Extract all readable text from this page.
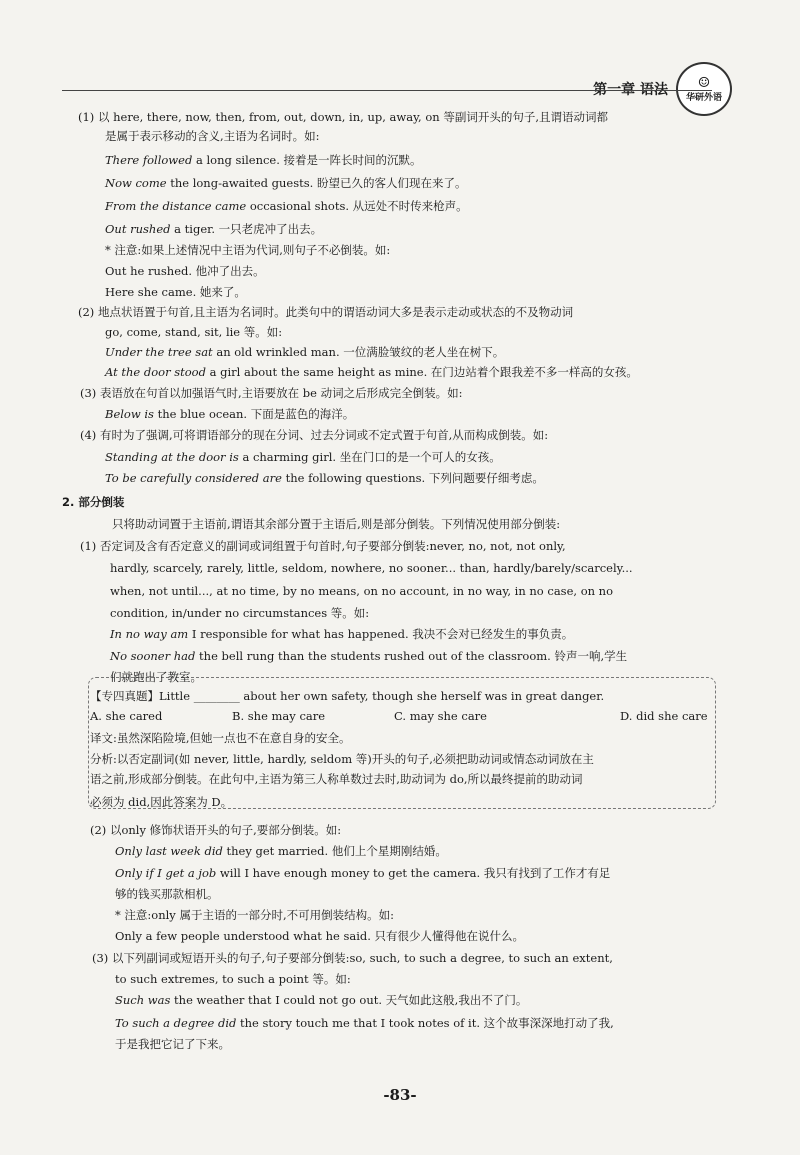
第一章 语法 ☺
华研外语
(1) 以 here, there, now, then, from, out, down, in, up, away, on 等副词开头的句子,且谓语动词都
是属于表示移动的含义,主语为名词时。如:
There followed a long silence. 接着是一阵长时间的沉默。
Now come the long-awaited guests. 盼望已久的客人们现在来了。
From the distance came occasional shots. 从远处不时传来枪声。
Out rushed a tiger. 一只老虎冲了出去。
* 注意:如果上述情况中主语为代词,则句子不必倒装。如:
Out he rushed. 他冲了出去。
Here she came. 她来了。
(2) 地点状语置于句首,且主语为名词时。此类句中的谓语动词大多是表示走动或状态的不及物动词
go, come, stand, sit, lie 等。如:
Under the tree sat an old wrinkled man. 一位满脸皱纹的老人坐在树下。
At the door stood a girl about the same height as mine. 在门边站着个跟我差不多一样高的女孩。
(3) 表语放在句首以加强语气时,主语要放在 be 动词之后形成完全倒装。如:
Below is the blue ocean. 下面是蓝色的海洋。
(4) 有时为了强调,可将谓语部分的现在分词、过去分词或不定式置于句首,从而构成倒装。如:
Standing at the door is a charming girl. 坐在门口的是一个可人的女孩。
To be carefully considered are the following questions. 下列问题要仔细考虑。
2. 部分倒装
只将助动词置于主语前,谓语其余部分置于主语后,则是部分倒装。下列情况使用部分倒装:
(1) 否定词及含有否定意义的副词或词组置于句首时,句子要部分倒装:never, no, not, not only,
hardly, scarcely, rarely, little, seldom, nowhere, no sooner... than, hardly/barely/scarcely...
when, not until..., at no time, by no means, on no account, in no way, in no case, on no
condition, in/under no circumstances 等。如:
In no way am I responsible for what has happened. 我决不会对已经发生的事负责。
No sooner had the bell rung than the students rushed out of the classroom. 铃声一响,学生
们就跑出了教室。
【专四真题】Little ________ about her own safety, though she herself was in great danger.
A. she cared	B. she may care	C. may she care	D. did she care
译文:虽然深陷险境,但她一点也不在意自身的安全。
分析:以否定副词(如 never, little, hardly, seldom 等)开头的句子,必须把助动词或情态动词放在主
语之前,形成部分倒装。在此句中,主语为第三人称单数过去时,助动词为 do,所以最终提前的助动词
必须为 did,因此答案为 D。
(2) 以only 修饰状语开头的句子,要部分倒装。如:
Only last week did they get married. 他们上个星期刚结婚。
Only if I get a job will I have enough money to get the camera. 我只有找到了工作才有足
够的钱买那款相机。
* 注意:only 属于主语的一部分时,不可用倒装结构。如:
Only a few people understood what he said. 只有很少人懂得他在说什么。
(3) 以下列副词或短语开头的句子,句子要部分倒装:so, such, to such a degree, to such an extent,
to such extremes, to such a point 等。如:
Such was the weather that I could not go out. 天气如此这般,我出不了门。
To such a degree did the story touch me that I took notes of it. 这个故事深深地打动了我,
于是我把它记了下来。
-83-
